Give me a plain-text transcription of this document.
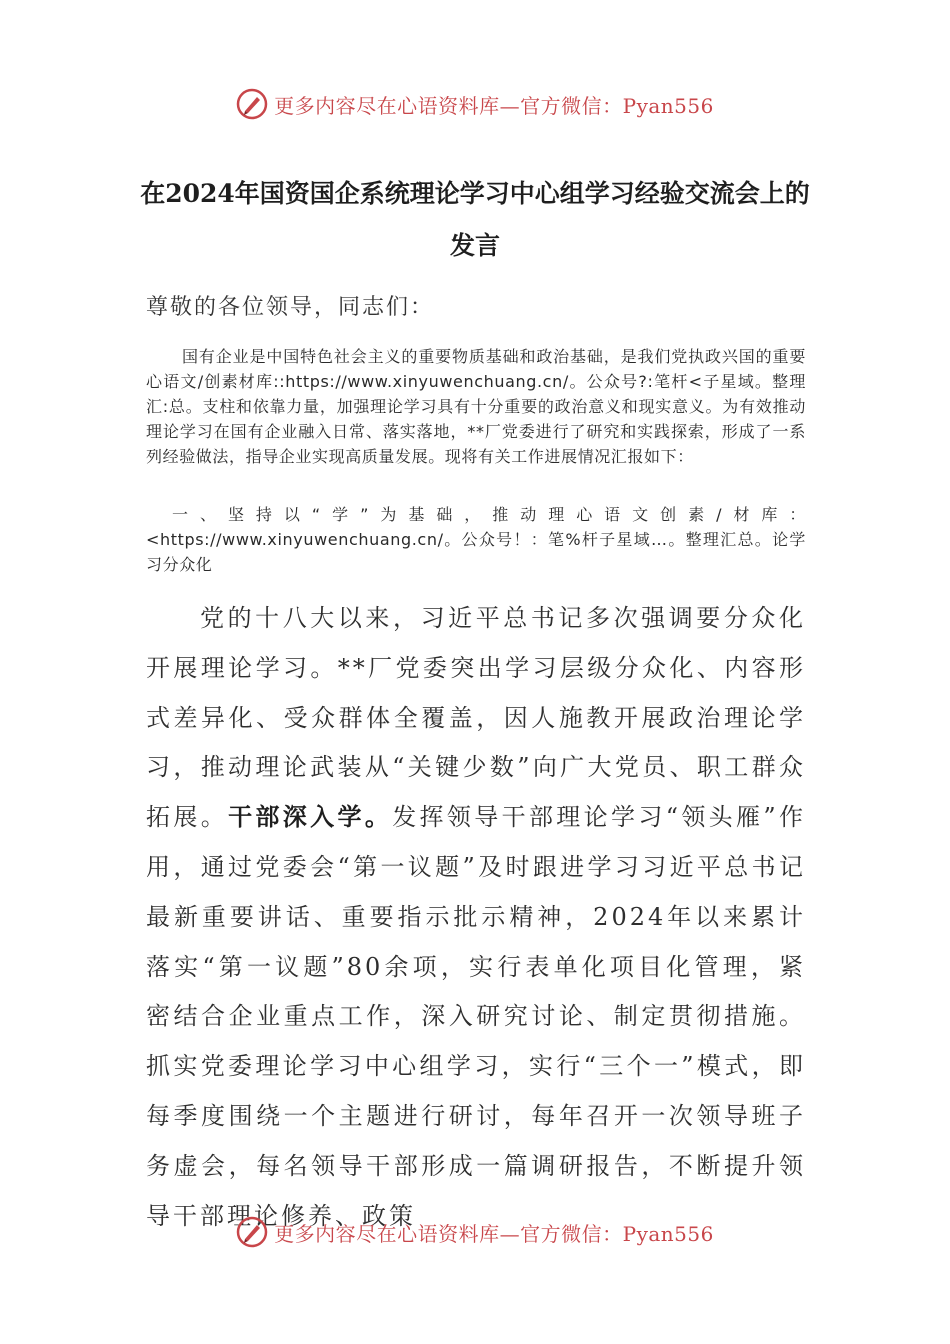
更多内容尽在心语资料库—官方微信：Pyan556
在2024年国资国企系统理论学习中心组学习经验交流会上的发言
尊敬的各位领导，同志们：
国有企业是中国特色社会主义的重要物质基础和政治基础，是我们党执政兴国的重要心语文/创素材库::https://www.xinyuwenchuang.cn/。公众号?:笔杆<子星域。整理汇:总。支柱和依靠力量，加强理论学习具有十分重要的政治意义和现实意义。为有效推动理论学习在国有企业融入日常、落实落地，**厂党委进行了研究和实践探索，形成了一系列经验做法，指导企业实现高质量发展。现将有关工作进展情况汇报如下：
一、坚持以“学”为基础，推动理心语文创素/材库：<https://www.xinyuwenchuang.cn/。公众号！：笔%杆子星域…。整理汇总。论学习分众化
党的十八大以来，习近平总书记多次强调要分众化开展理论学习。**厂党委突出学习层级分众化、内容形式差异化、受众群体全覆盖，因人施教开展政治理论学习，推动理论武装从“关键少数”向广大党员、职工群众拓展。干部深入学。发挥领导干部理论学习“领头雁”作用，通过党委会“第一议题”及时跟进学习习近平总书记最新重要讲话、重要指示批示精神，2024年以来累计落实“第一议题”80余项，实行表单化项目化管理，紧密结合企业重点工作，深入研究讨论、制定贯彻措施。抓实党委理论学习中心组学习，实行“三个一”模式，即每季度围绕一个主题进行研讨，每年召开一次领导班子务虚会，每名领导干部形成一篇调研报告，不断提升领导干部理论修养、政策
更多内容尽在心语资料库—官方微信：Pyan556
